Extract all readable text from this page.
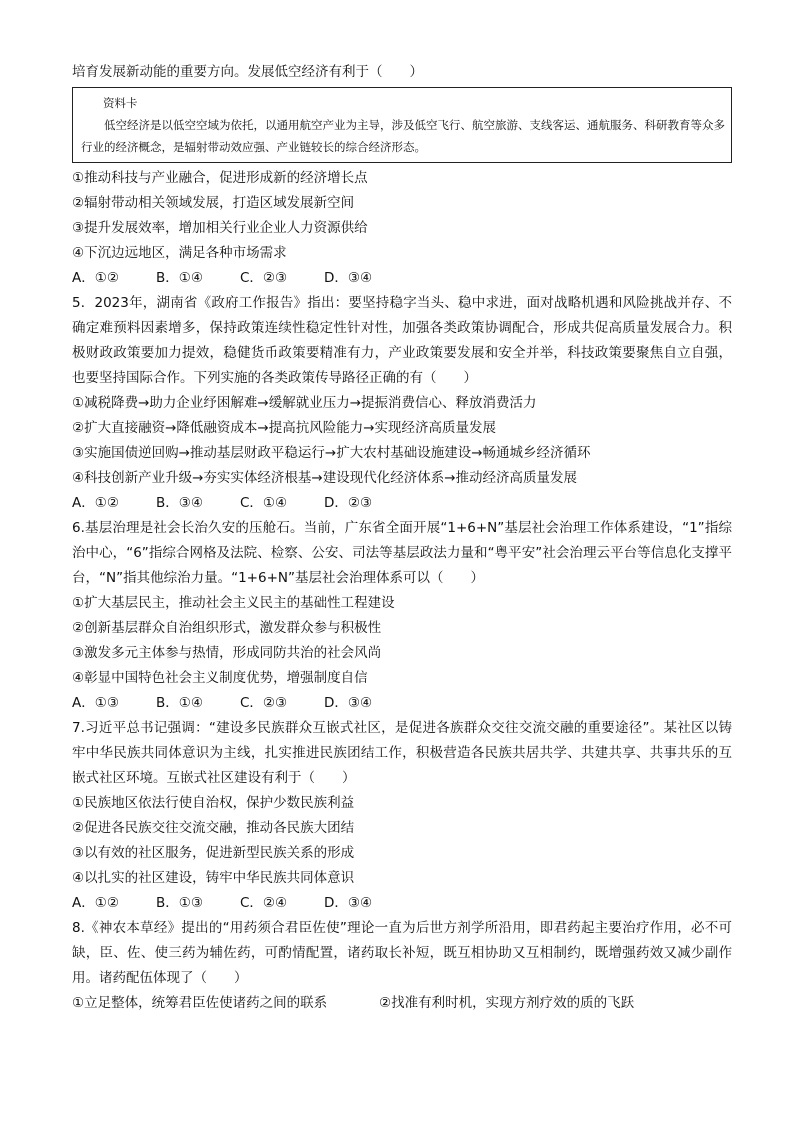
培育发展新动能的重要方向。发展低空经济有利于（　　）
资料卡
低空经济是以低空空域为依托，以通用航空产业为主导，涉及低空飞行、航空旅游、支线客运、通航服务、科研教育等众多行业的经济概念，是辐射带动效应强、产业链较长的综合经济形态。
①推动科技与产业融合，促进形成新的经济增长点
②辐射带动相关领域发展，打造区域发展新空间
③提升发展效率，增加相关行业企业人力资源供给
④下沉边远地区，满足各种市场需求
A．①②	B．①④	C．②③	D．③④
5．2023年，湖南省《政府工作报告》指出：要坚持稳字当头、稳中求进，面对战略机遇和风险挑战并存、不确定难预料因素增多，保持政策连续性稳定性针对性，加强各类政策协调配合，形成共促高质量发展合力。积极财政政策要加力提效，稳健货币政策要精准有力，产业政策要发展和安全并举，科技政策要聚焦自立自强，也要坚持国际合作。下列实施的各类政策传导路径正确的有（　　）
①减税降费→助力企业纾困解难→缓解就业压力→提振消费信心、释放消费活力
②扩大直接融资→降低融资成本→提高抗风险能力→实现经济高质量发展
③实施国债逆回购→推动基层财政平稳运行→扩大农村基础设施建设→畅通城乡经济循环
④科技创新产业升级→夯实实体经济根基→建设现代化经济体系→推动经济高质量发展
A．①②	B．③④	C．①④	D．②③
6.基层治理是社会长治久安的压舱石。当前，广东省全面开展“1+6+N”基层社会治理工作体系建设，“1”指综治中心，“6”指综合网格及法院、检察、公安、司法等基层政法力量和“粤平安”社会治理云平台等信息化支撑平台，“N”指其他综治力量。“1+6+N”基层社会治理体系可以（　　）
①扩大基层民主，推动社会主义民主的基础性工程建设
②创新基层群众自治组织形式，激发群众参与积极性
③激发多元主体参与热情，形成同防共治的社会风尚
④彰显中国特色社会主义制度优势，增强制度自信
A．①③	B．①④	C．②③	D．③④
7.习近平总书记强调：“建设多民族群众互嵌式社区，是促进各族群众交往交流交融的重要途径”。某社区以铸牢中华民族共同体意识为主线，扎实推进民族团结工作，积极营造各民族共居共学、共建共享、共事共乐的互嵌式社区环境。互嵌式社区建设有利于（　　）
①民族地区依法行使自治权，保护少数民族利益
②促进各民族交往交流交融，推动各民族大团结
③以有效的社区服务，促进新型民族关系的形成
④以扎实的社区建设，铸牢中华民族共同体意识
A．①②	B．①③	C．②④	D．③④
8.《神农本草经》提出的“用药须合君臣佐使”理论一直为后世方剂学所沿用，即君药起主要治疗作用，必不可缺，臣、佐、使三药为辅佐药，可酌情配置，诸药取长补短，既互相协助又互相制约，既增强药效又减少副作用。诸药配伍体现了（　　）
①立足整体，统筹君臣佐使诸药之间的联系	②找准有利时机，实现方剂疗效的质的飞跃
